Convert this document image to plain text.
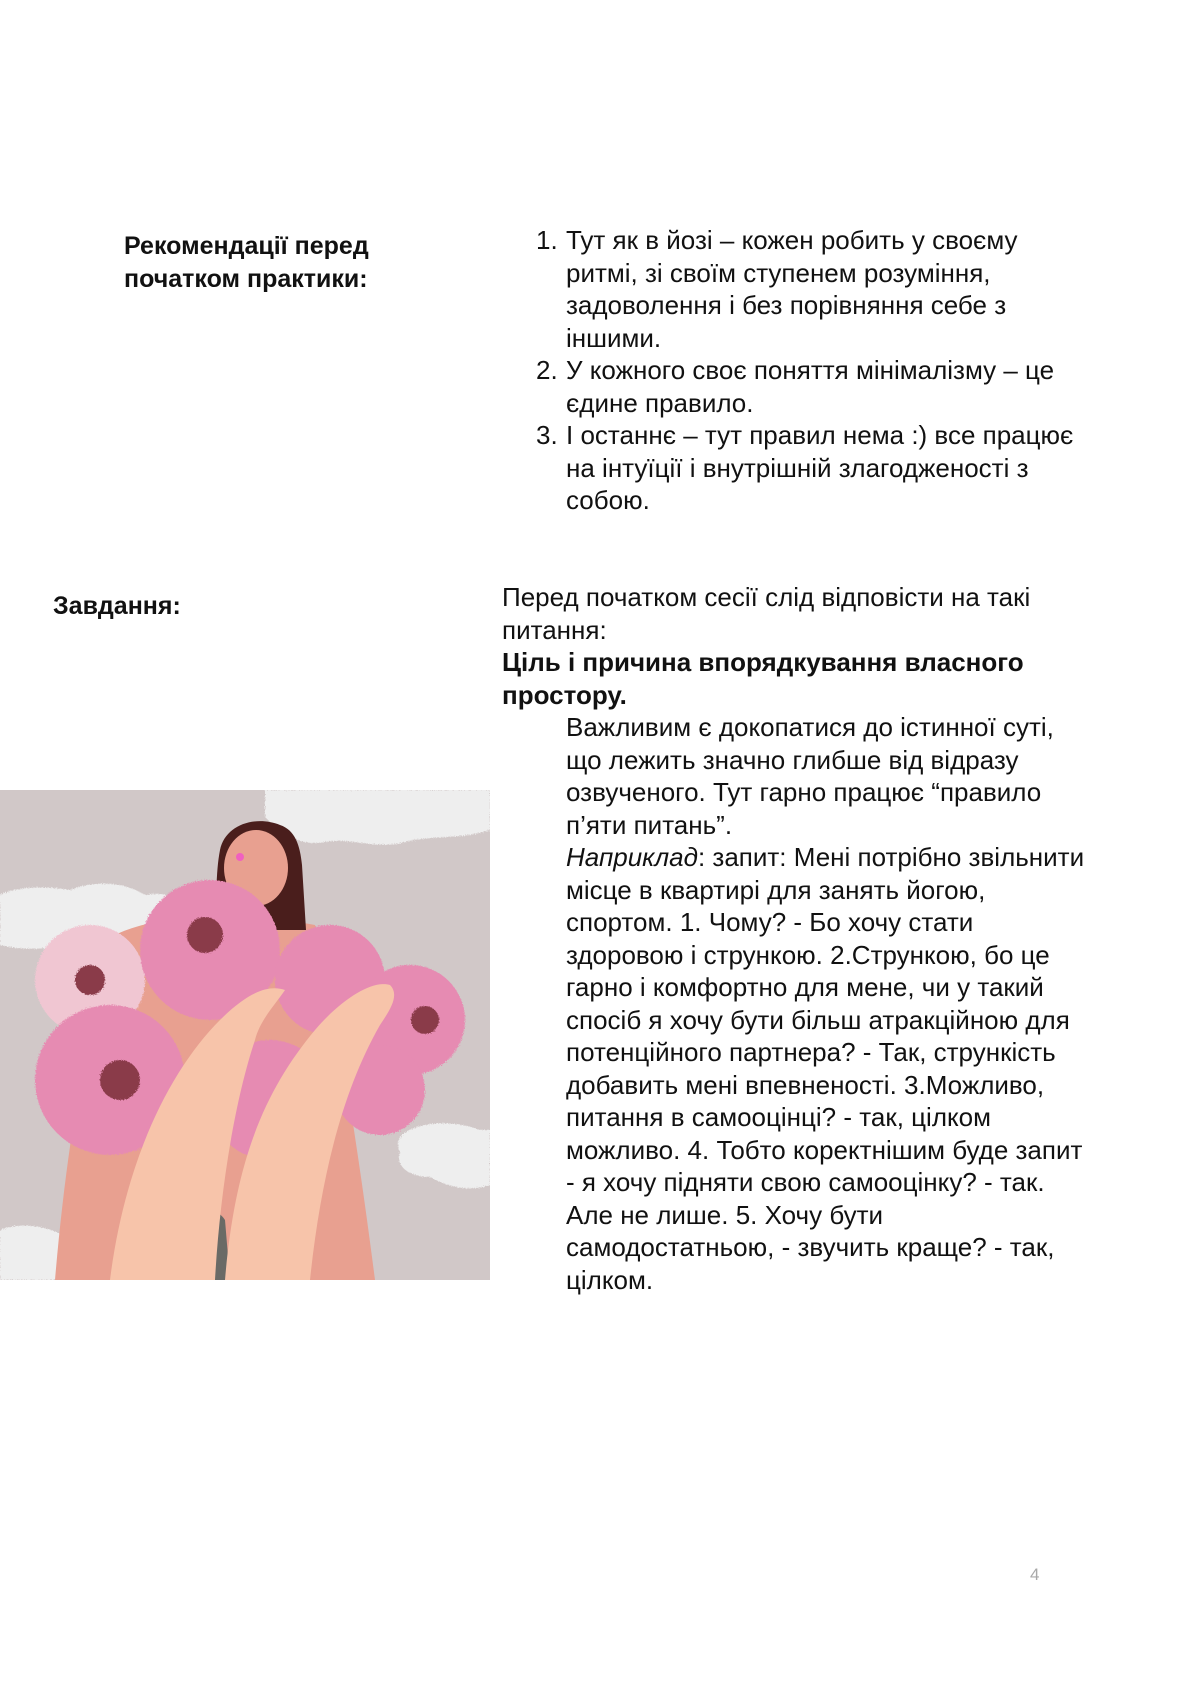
Рекомендації перед
початком практики:
1. Тут як в йозі – кожен робить у своєму ритмі, зі своїм ступенем розуміння, задоволення і без порівняння себе з іншими.
2. У кожного своє поняття мінімалізму – це єдине правило.
3. І останнє – тут правил нема :) все працює на інтуїції і внутрішній злагодженості з собою.
Завдання:	Перед початком сесії слід відповісти на такі питання:

Ціль і причина впорядкування власного простору.

Важливим є докопатися до істинної суті, що лежить значно глибше від відразу озвученого. Тут гарно працює “правило п’яти питань”.
Наприклад: запит: Мені потрібно звільнити місце в квартирі для занять йогою, спортом. 1. Чому? - Бо хочу стати здоровою і стрункою. 2.Стрункою, бо це гарно і комфортно для мене, чи у такий спосіб я хочу бути більш атракційною для потенційного партнера? - Так, стрункість добавить мені впевненості. 3.Можливо, питання в самооцінці? - так, цілком можливо. 4. Тобто коректнішим буде запит - я хочу підняти свою самооцінку? - так. Але не лише. 5. Хочу бути самодостатньою, - звучить краще? - так, цілком.

4
